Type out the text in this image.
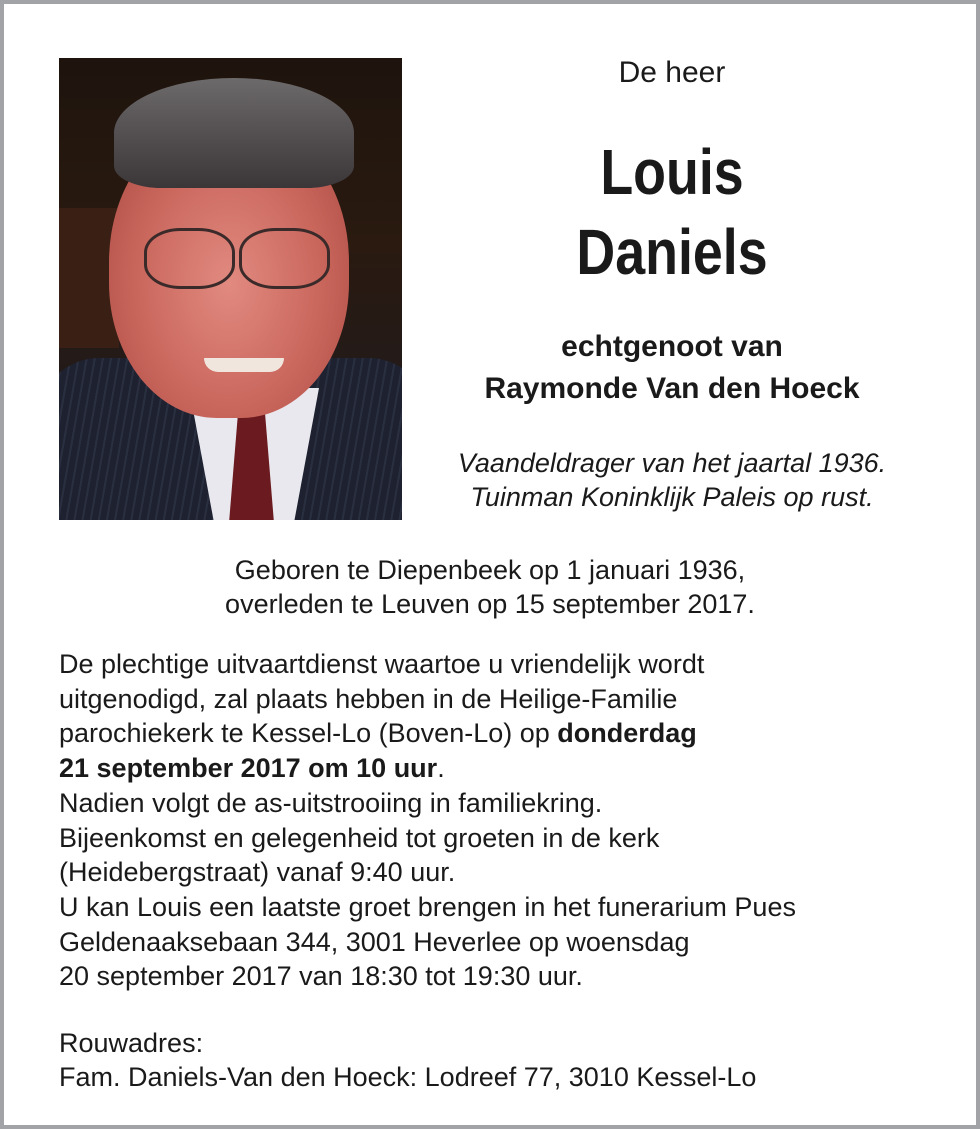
De heer
Louis
Daniels
echtgenoot van
Raymonde Van den Hoeck
Vaandeldrager van het jaartal 1936.
Tuinman Koninklijk Paleis op rust.
Geboren te Diepenbeek op 1 januari 1936,
overleden te Leuven op 15 september 2017.
De plechtige uitvaartdienst waartoe u vriendelijk wordt
uitgenodigd, zal plaats hebben in de Heilige-Familie
parochiekerk te Kessel-Lo (Boven-Lo) op donderdag
21 september 2017 om 10 uur.
Nadien volgt de as-uitstrooiing in familiekring.
Bijeenkomst en gelegenheid tot groeten in de kerk
(Heidebergstraat) vanaf 9:40 uur.
U kan Louis een laatste groet brengen in het funerarium Pues
Geldenaaksebaan 344, 3001 Heverlee op woensdag
20 september 2017 van 18:30 tot 19:30 uur.
Rouwadres:
Fam. Daniels-Van den Hoeck: Lodreef 77, 3010 Kessel-Lo
